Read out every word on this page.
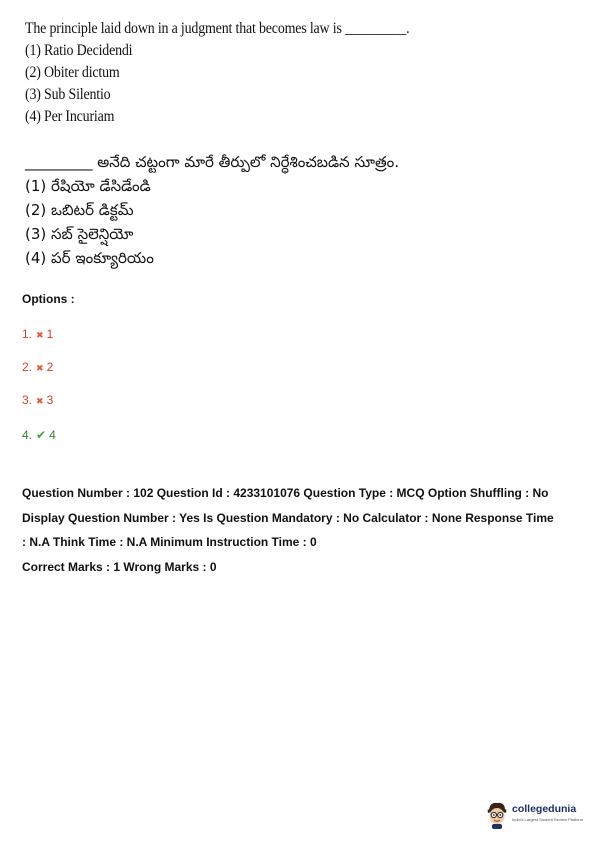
The principle laid down in a judgment that becomes law is _________.
(1) Ratio Decidendi
(2) Obiter dictum
(3) Sub Silentio
(4) Per Incuriam
_________ అనేది చట్టంగా మారే తీర్పులో నిర్ధేశించబడిన సూత్రం.
(1) రేషియో డేసిడేండి
(2) ఒబిటర్ డిక్టమ్
(3) సబ్ సైలెన్షియో
(4) పర్ ఇంక్యూరియం
Options :
1. ✖ 1
2. ✖ 2
3. ✖ 3
4. ✔ 4
Question Number : 102 Question Id : 4233101076 Question Type : MCQ Option Shuffling : No
Display Question Number : Yes Is Question Mandatory : No Calculator : None Response Time
: N.A Think Time : N.A Minimum Instruction Time : 0
Correct Marks : 1 Wrong Marks : 0
collegedunia
India's Largest Student Review Platform
